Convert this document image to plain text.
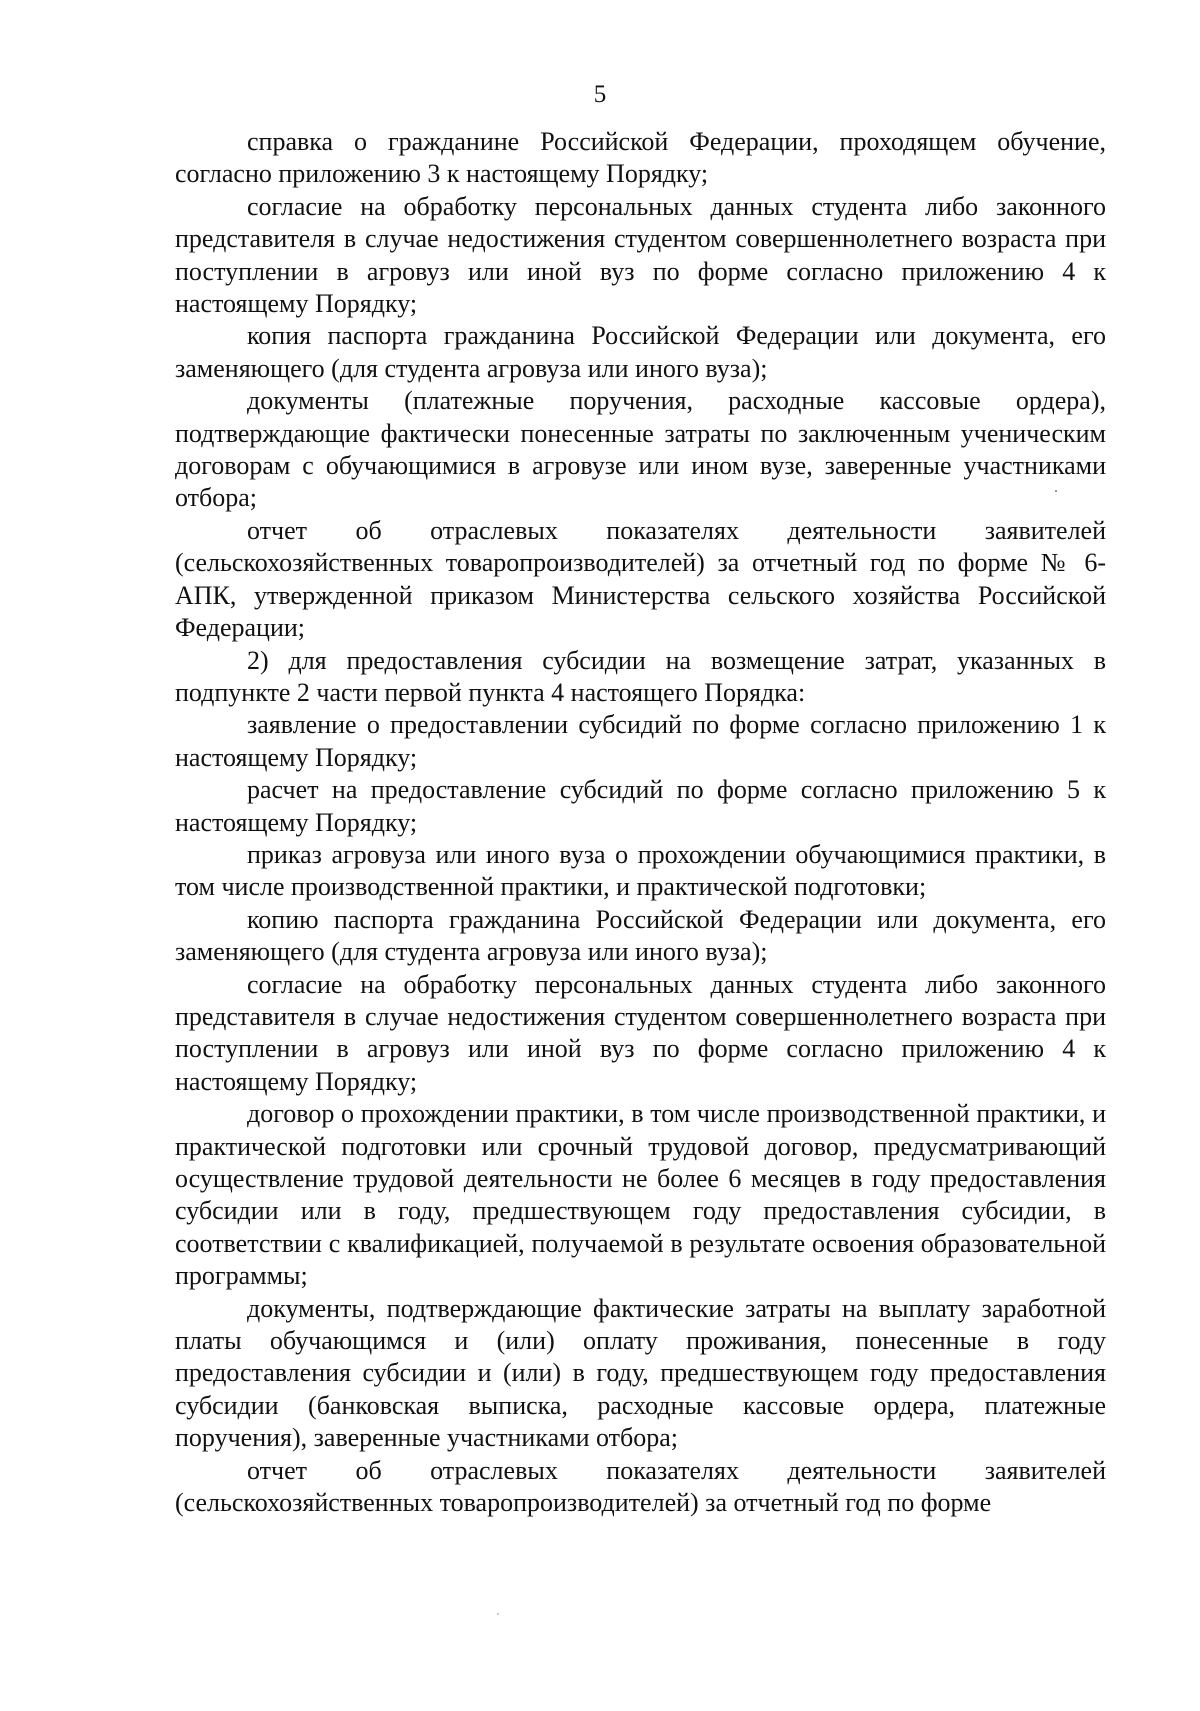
5

справка о гражданине Российской Федерации, проходящем обучение, согласно приложению 3 к настоящему Порядку;

согласие на обработку персональных данных студента либо законного представителя в случае недостижения студентом совершеннолетнего возраста при поступлении в агровуз или иной вуз по форме согласно приложению 4 к настоящему Порядку;

копия паспорта гражданина Российской Федерации или документа, его заменяющего (для студента агровуза или иного вуза);

документы (платежные поручения, расходные кассовые ордера), подтверждающие фактически понесенные затраты по заключенным ученическим договорам с обучающимися в агровузе или ином вузе, заверенные участниками отбора;

отчет об отраслевых показателях деятельности заявителей (сельскохозяйственных товаропроизводителей) за отчетный год по форме № 6-АПК, утвержденной приказом Министерства сельского хозяйства Российской Федерации;

2) для предоставления субсидии на возмещение затрат, указанных в подпункте 2 части первой пункта 4 настоящего Порядка:

заявление о предоставлении субсидий по форме согласно приложению 1 к настоящему Порядку;

расчет на предоставление субсидий по форме согласно приложению 5 к настоящему Порядку;

приказ агровуза или иного вуза о прохождении обучающимися практики, в том числе производственной практики, и практической подготовки;

копию паспорта гражданина Российской Федерации или документа, его заменяющего (для студента агровуза или иного вуза);

согласие на обработку персональных данных студента либо законного представителя в случае недостижения студентом совершеннолетнего возраста при поступлении в агровуз или иной вуз по форме согласно приложению 4 к настоящему Порядку;

договор о прохождении практики, в том числе производственной практики, и практической подготовки или срочный трудовой договор, предусматривающий осуществление трудовой деятельности не более 6 месяцев в году предоставления субсидии или в году, предшествующем году предоставления субсидии, в соответствии с квалификацией, получаемой в результате освоения образовательной программы;

документы, подтверждающие фактические затраты на выплату заработной платы обучающимся и (или) оплату проживания, понесенные в году предоставления субсидии и (или) в году, предшествующем году предоставления субсидии (банковская выписка, расходные кассовые ордера, платежные поручения), заверенные участниками отбора;

отчет об отраслевых показателях деятельности заявителей (сельскохозяйственных товаропроизводителей) за отчетный год по форме
